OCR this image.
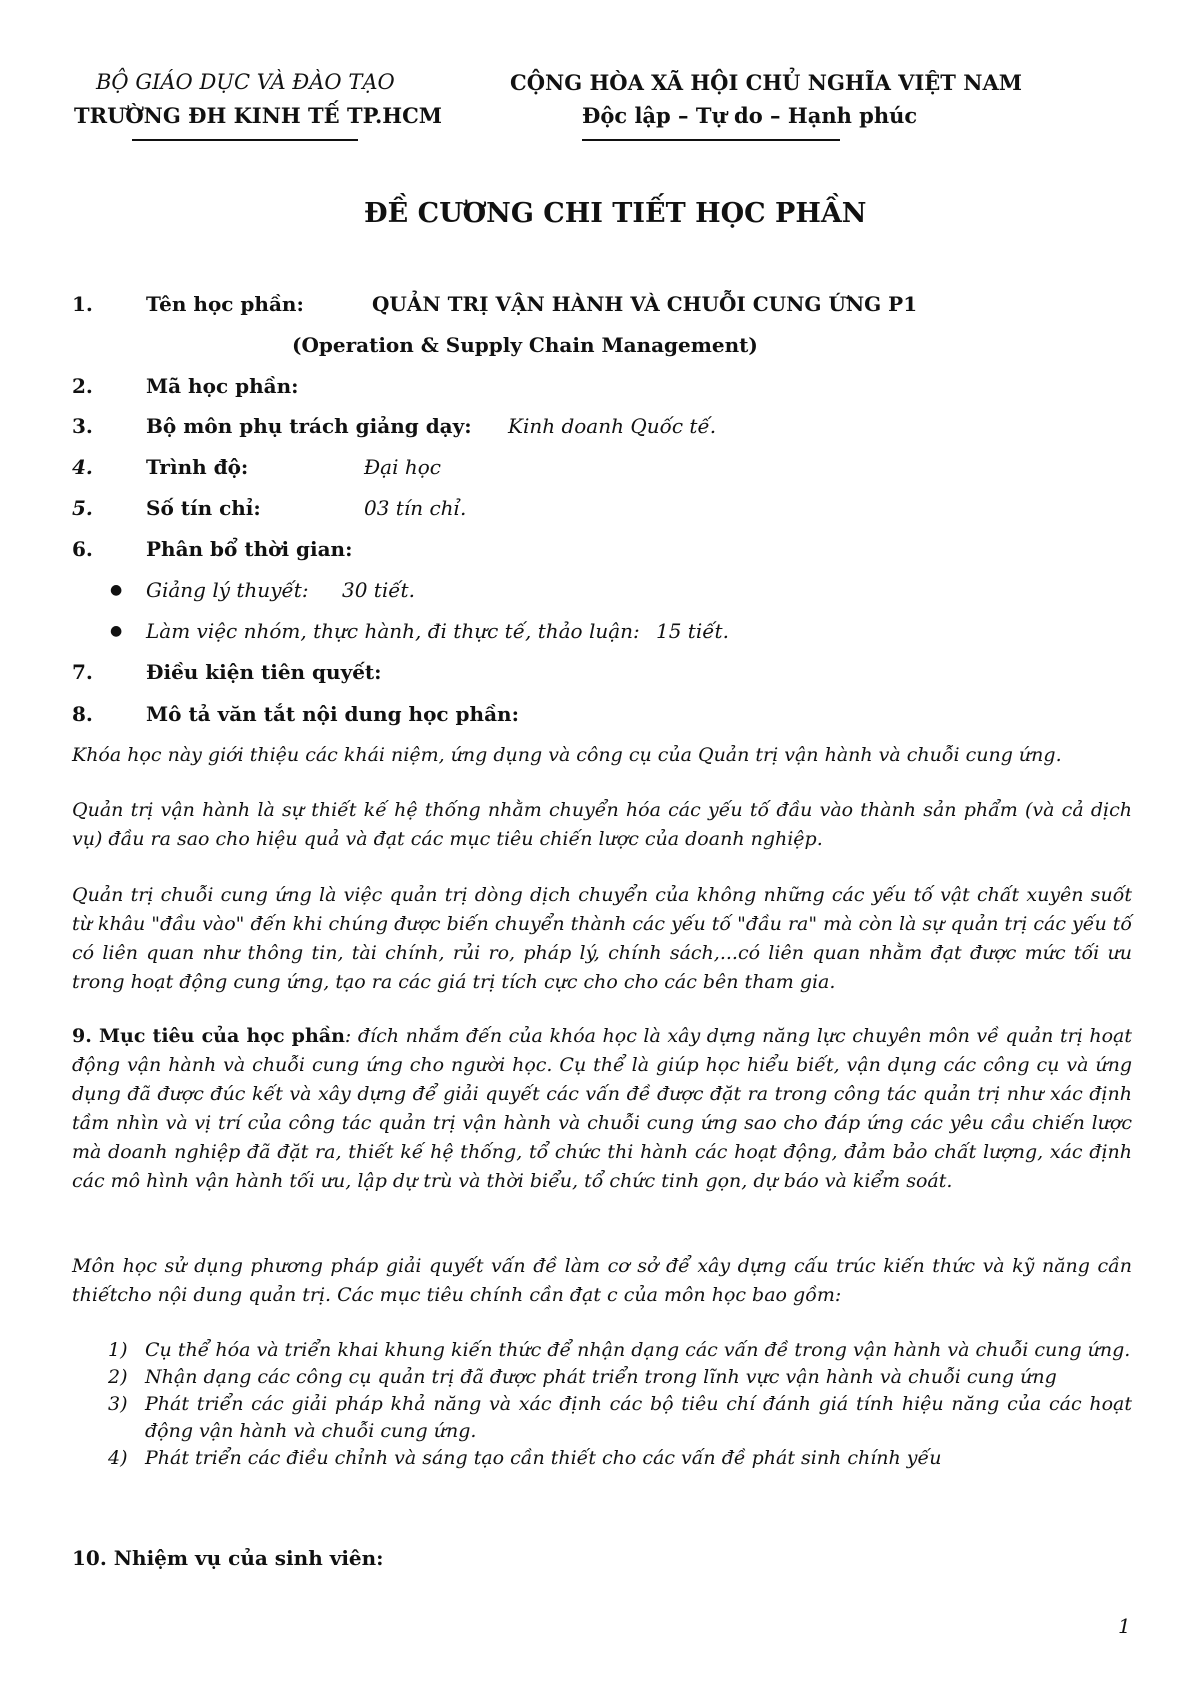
BỘ GIÁO DỤC VÀ ĐÀO TẠO
TRƯỜNG ĐH KINH TẾ TP.HCM
CỘNG HÒA XÃ HỘI CHỦ NGHĨA VIỆT NAM
Độc lập – Tự do – Hạnh phúc
ĐỀ CƯƠNG CHI TIẾT HỌC PHẦN
1.	Tên học phần:	QUẢN TRỊ VẬN HÀNH VÀ CHUỖI CUNG ỨNG P1
(Operation & Supply Chain Management)
2.	Mã học phần:
3.	Bộ môn phụ trách giảng dạy: Kinh doanh Quốc tế.
4.	Trình độ:	Đại học
5.	Số tín chỉ:	03 tín chỉ.
6.	Phân bổ thời gian:
● Giảng lý thuyết: 30 tiết.
● Làm việc nhóm, thực hành, đi thực tế, thảo luận: 15 tiết.
7.	Điều kiện tiên quyết:
8.	Mô tả văn tắt nội dung học phần:
Khóa học này giới thiệu các khái niệm, ứng dụng và công cụ của Quản trị vận hành và chuỗi cung ứng.
Quản trị vận hành là sự thiết kế hệ thống nhằm chuyển hóa các yếu tố đầu vào thành sản phẩm (và cả dịch vụ) đầu ra sao cho hiệu quả và đạt các mục tiêu chiến lược của doanh nghiệp.
Quản trị chuỗi cung ứng là việc quản trị dòng dịch chuyển của không những các yếu tố vật chất xuyên suốt từ khâu "đầu vào" đến khi chúng được biến chuyển thành các yếu tố "đầu ra" mà còn là sự quản trị các yếu tố có liên quan như thông tin, tài chính, rủi ro, pháp lý, chính sách,...có liên quan nhằm đạt được mức tối ưu trong hoạt động cung ứng, tạo ra các giá trị tích cực cho cho các bên tham gia.
9. Mục tiêu của học phần: đích nhắm đến của khóa học là xây dựng năng lực chuyên môn về quản trị hoạt động vận hành và chuỗi cung ứng cho người học. Cụ thể là giúp học hiểu biết, vận dụng các công cụ và ứng dụng đã được đúc kết và xây dựng để giải quyết các vấn đề được đặt ra trong công tác quản trị như xác định tầm nhìn và vị trí của công tác quản trị vận hành và chuỗi cung ứng sao cho đáp ứng các yêu cầu chiến lược mà doanh nghiệp đã đặt ra, thiết kế hệ thống, tổ chức thi hành các hoạt động, đảm bảo chất lượng, xác định các mô hình vận hành tối ưu, lập dự trù và thời biểu, tổ chức tinh gọn, dự báo và kiểm soát.
Môn học sử dụng phương pháp giải quyết vấn đề làm cơ sở để xây dựng cấu trúc kiến thức và kỹ năng cần thiếtcho nội dung quản trị. Các mục tiêu chính cần đạt c của môn học bao gồm:
1) Cụ thể hóa và triển khai khung kiến thức để nhận dạng các vấn đề trong vận hành và chuỗi cung ứng.
2) Nhận dạng các công cụ quản trị đã được phát triển trong lĩnh vực vận hành và chuỗi cung ứng
3) Phát triển các giải pháp khả năng và xác định các bộ tiêu chí đánh giá tính hiệu năng của các hoạt động vận hành và chuỗi cung ứng.
4) Phát triển các điều chỉnh và sáng tạo cần thiết cho các vấn đề phát sinh chính yếu
10. Nhiệm vụ của sinh viên:
1
